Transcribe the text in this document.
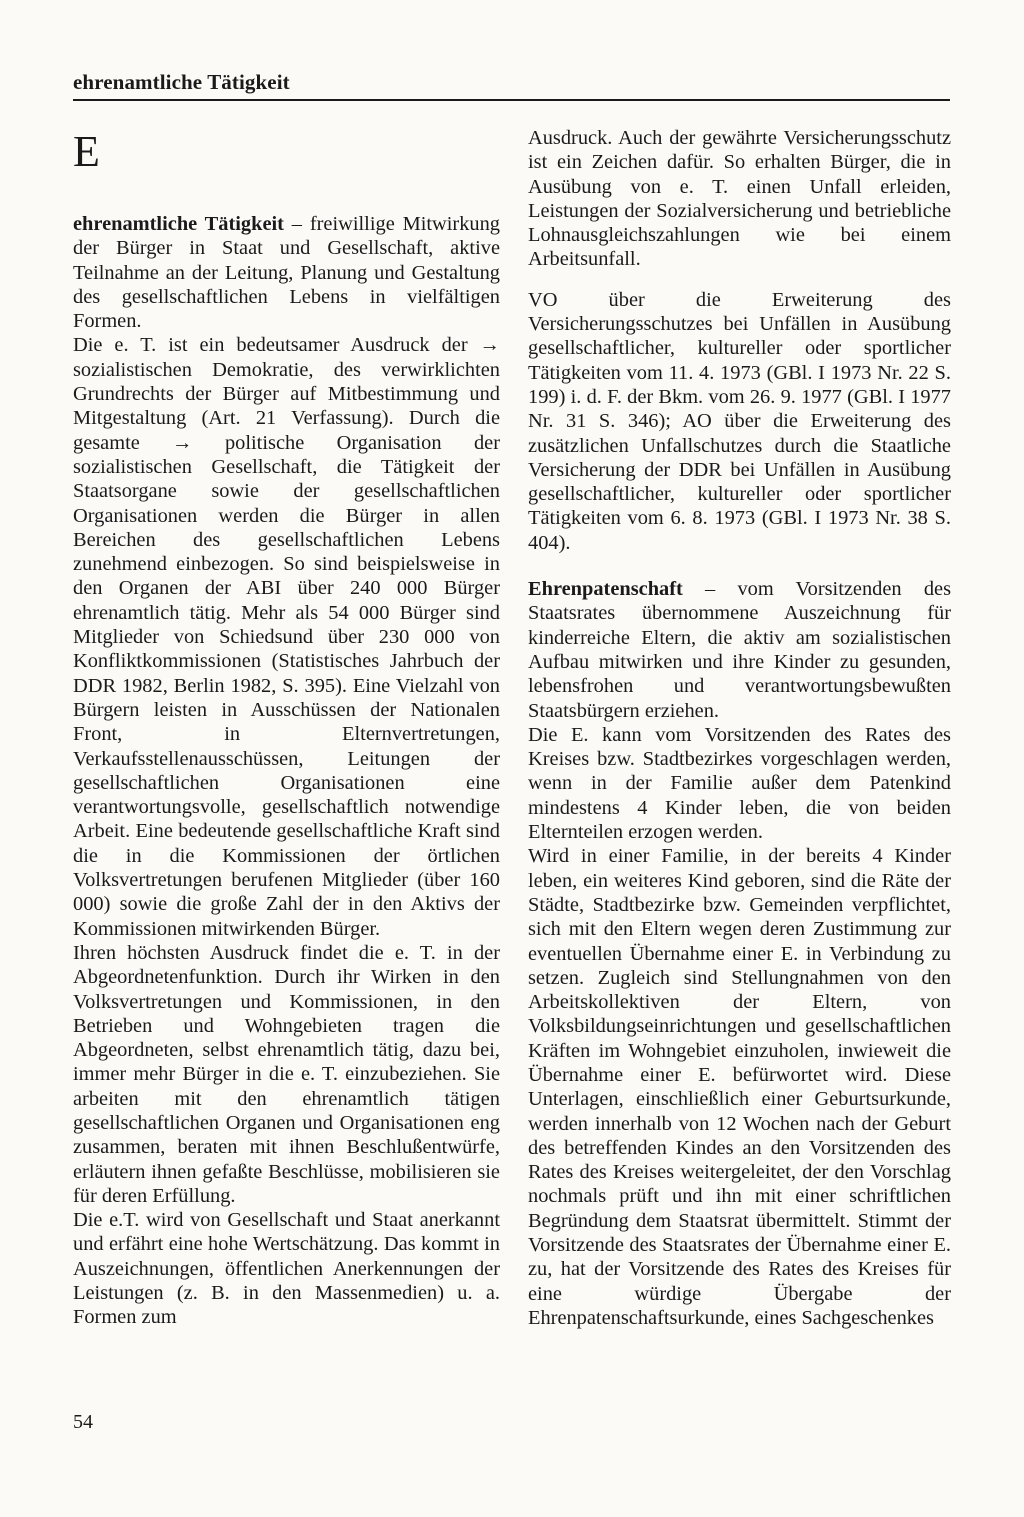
ehrenamtliche Tätigkeit
E

ehrenamtliche Tätigkeit – freiwillige Mitwirkung der Bürger in Staat und Gesellschaft, aktive Teilnahme an der Leitung, Planung und Gestaltung des gesellschaftlichen Lebens in vielfältigen Formen.

Die e. T. ist ein bedeutsamer Ausdruck der → sozialistischen Demokratie, des verwirklichten Grundrechts der Bürger auf Mitbestimmung und Mitgestaltung (Art. 21 Verfassung). Durch die gesamte → politische Organisation der sozialistischen Gesellschaft, die Tätigkeit der Staatsorgane sowie der gesellschaftlichen Organisationen werden die Bürger in allen Bereichen des gesellschaftlichen Lebens zunehmend einbezogen. So sind beispielsweise in den Organen der ABI über 240 000 Bürger ehrenamtlich tätig. Mehr als 54 000 Bürger sind Mitglieder von Schiedsund über 230 000 von Konfliktkommissionen (Statistisches Jahrbuch der DDR 1982, Berlin 1982, S. 395). Eine Vielzahl von Bürgern leisten in Ausschüssen der Nationalen Front, in Elternvertretungen, Verkaufsstellenausschüssen, Leitungen der gesellschaftlichen Organisationen eine verantwortungsvolle, gesellschaftlich notwendige Arbeit. Eine bedeutende gesellschaftliche Kraft sind die in die Kommissionen der örtlichen Volksvertretungen berufenen Mitglieder (über 160 000) sowie die große Zahl der in den Aktivs der Kommissionen mitwirkenden Bürger.

Ihren höchsten Ausdruck findet die e. T. in der Abgeordnetenfunktion. Durch ihr Wirken in den Volksvertretungen und Kommissionen, in den Betrieben und Wohngebieten tragen die Abgeordneten, selbst ehrenamtlich tätig, dazu bei, immer mehr Bürger in die e. T. einzubeziehen. Sie arbeiten mit den ehrenamtlich tätigen gesellschaftlichen Organen und Organisationen eng zusammen, beraten mit ihnen Beschlußentwürfe, erläutern ihnen gefaßte Beschlüsse, mobilisieren sie für deren Erfüllung.

Die e.T. wird von Gesellschaft und Staat anerkannt und erfährt eine hohe Wertschätzung. Das kommt in Auszeichnungen, öffentlichen Anerkennungen der Leistungen (z. B. in den Massenmedien) u. a. Formen zum

Ausdruck. Auch der gewährte Versicherungsschutz ist ein Zeichen dafür. So erhalten Bürger, die in Ausübung von e. T. einen Unfall erleiden, Leistungen der Sozialversicherung und betriebliche Lohnausgleichszahlungen wie bei einem Arbeitsunfall.

VO über die Erweiterung des Versicherungsschutzes bei Unfällen in Ausübung gesellschaftlicher, kultureller oder sportlicher Tätigkeiten vom 11. 4. 1973 (GBl. I 1973 Nr. 22 S. 199) i. d. F. der Bkm. vom 26. 9. 1977 (GBl. I 1977 Nr. 31 S. 346); AO über die Erweiterung des zusätzlichen Unfallschutzes durch die Staatliche Versicherung der DDR bei Unfällen in Ausübung gesellschaftlicher, kultureller oder sportlicher Tätigkeiten vom 6. 8. 1973 (GBl. I 1973 Nr. 38 S. 404).

Ehrenpatenschaft – vom Vorsitzenden des Staatsrates übernommene Auszeichnung für kinderreiche Eltern, die aktiv am sozialistischen Aufbau mitwirken und ihre Kinder zu gesunden, lebensfrohen und verantwortungsbewußten Staatsbürgern erziehen.

Die E. kann vom Vorsitzenden des Rates des Kreises bzw. Stadtbezirkes vorgeschlagen werden, wenn in der Familie außer dem Patenkind mindestens 4 Kinder leben, die von beiden Elternteilen erzogen werden.

Wird in einer Familie, in der bereits 4 Kinder leben, ein weiteres Kind geboren, sind die Räte der Städte, Stadtbezirke bzw. Gemeinden verpflichtet, sich mit den Eltern wegen deren Zustimmung zur eventuellen Übernahme einer E. in Verbindung zu setzen. Zugleich sind Stellungnahmen von den Arbeitskollektiven der Eltern, von Volksbildungseinrichtungen und gesellschaftlichen Kräften im Wohngebiet einzuholen, inwieweit die Übernahme einer E. befürwortet wird. Diese Unterlagen, einschließlich einer Geburtsurkunde, werden innerhalb von 12 Wochen nach der Geburt des betreffenden Kindes an den Vorsitzenden des Rates des Kreises weitergeleitet, der den Vorschlag nochmals prüft und ihn mit einer schriftlichen Begründung dem Staatsrat übermittelt. Stimmt der Vorsitzende des Staatsrates der Übernahme einer E. zu, hat der Vorsitzende des Rates des Kreises für eine würdige Übergabe der Ehrenpatenschaftsurkunde, eines Sachgeschenkes

54
